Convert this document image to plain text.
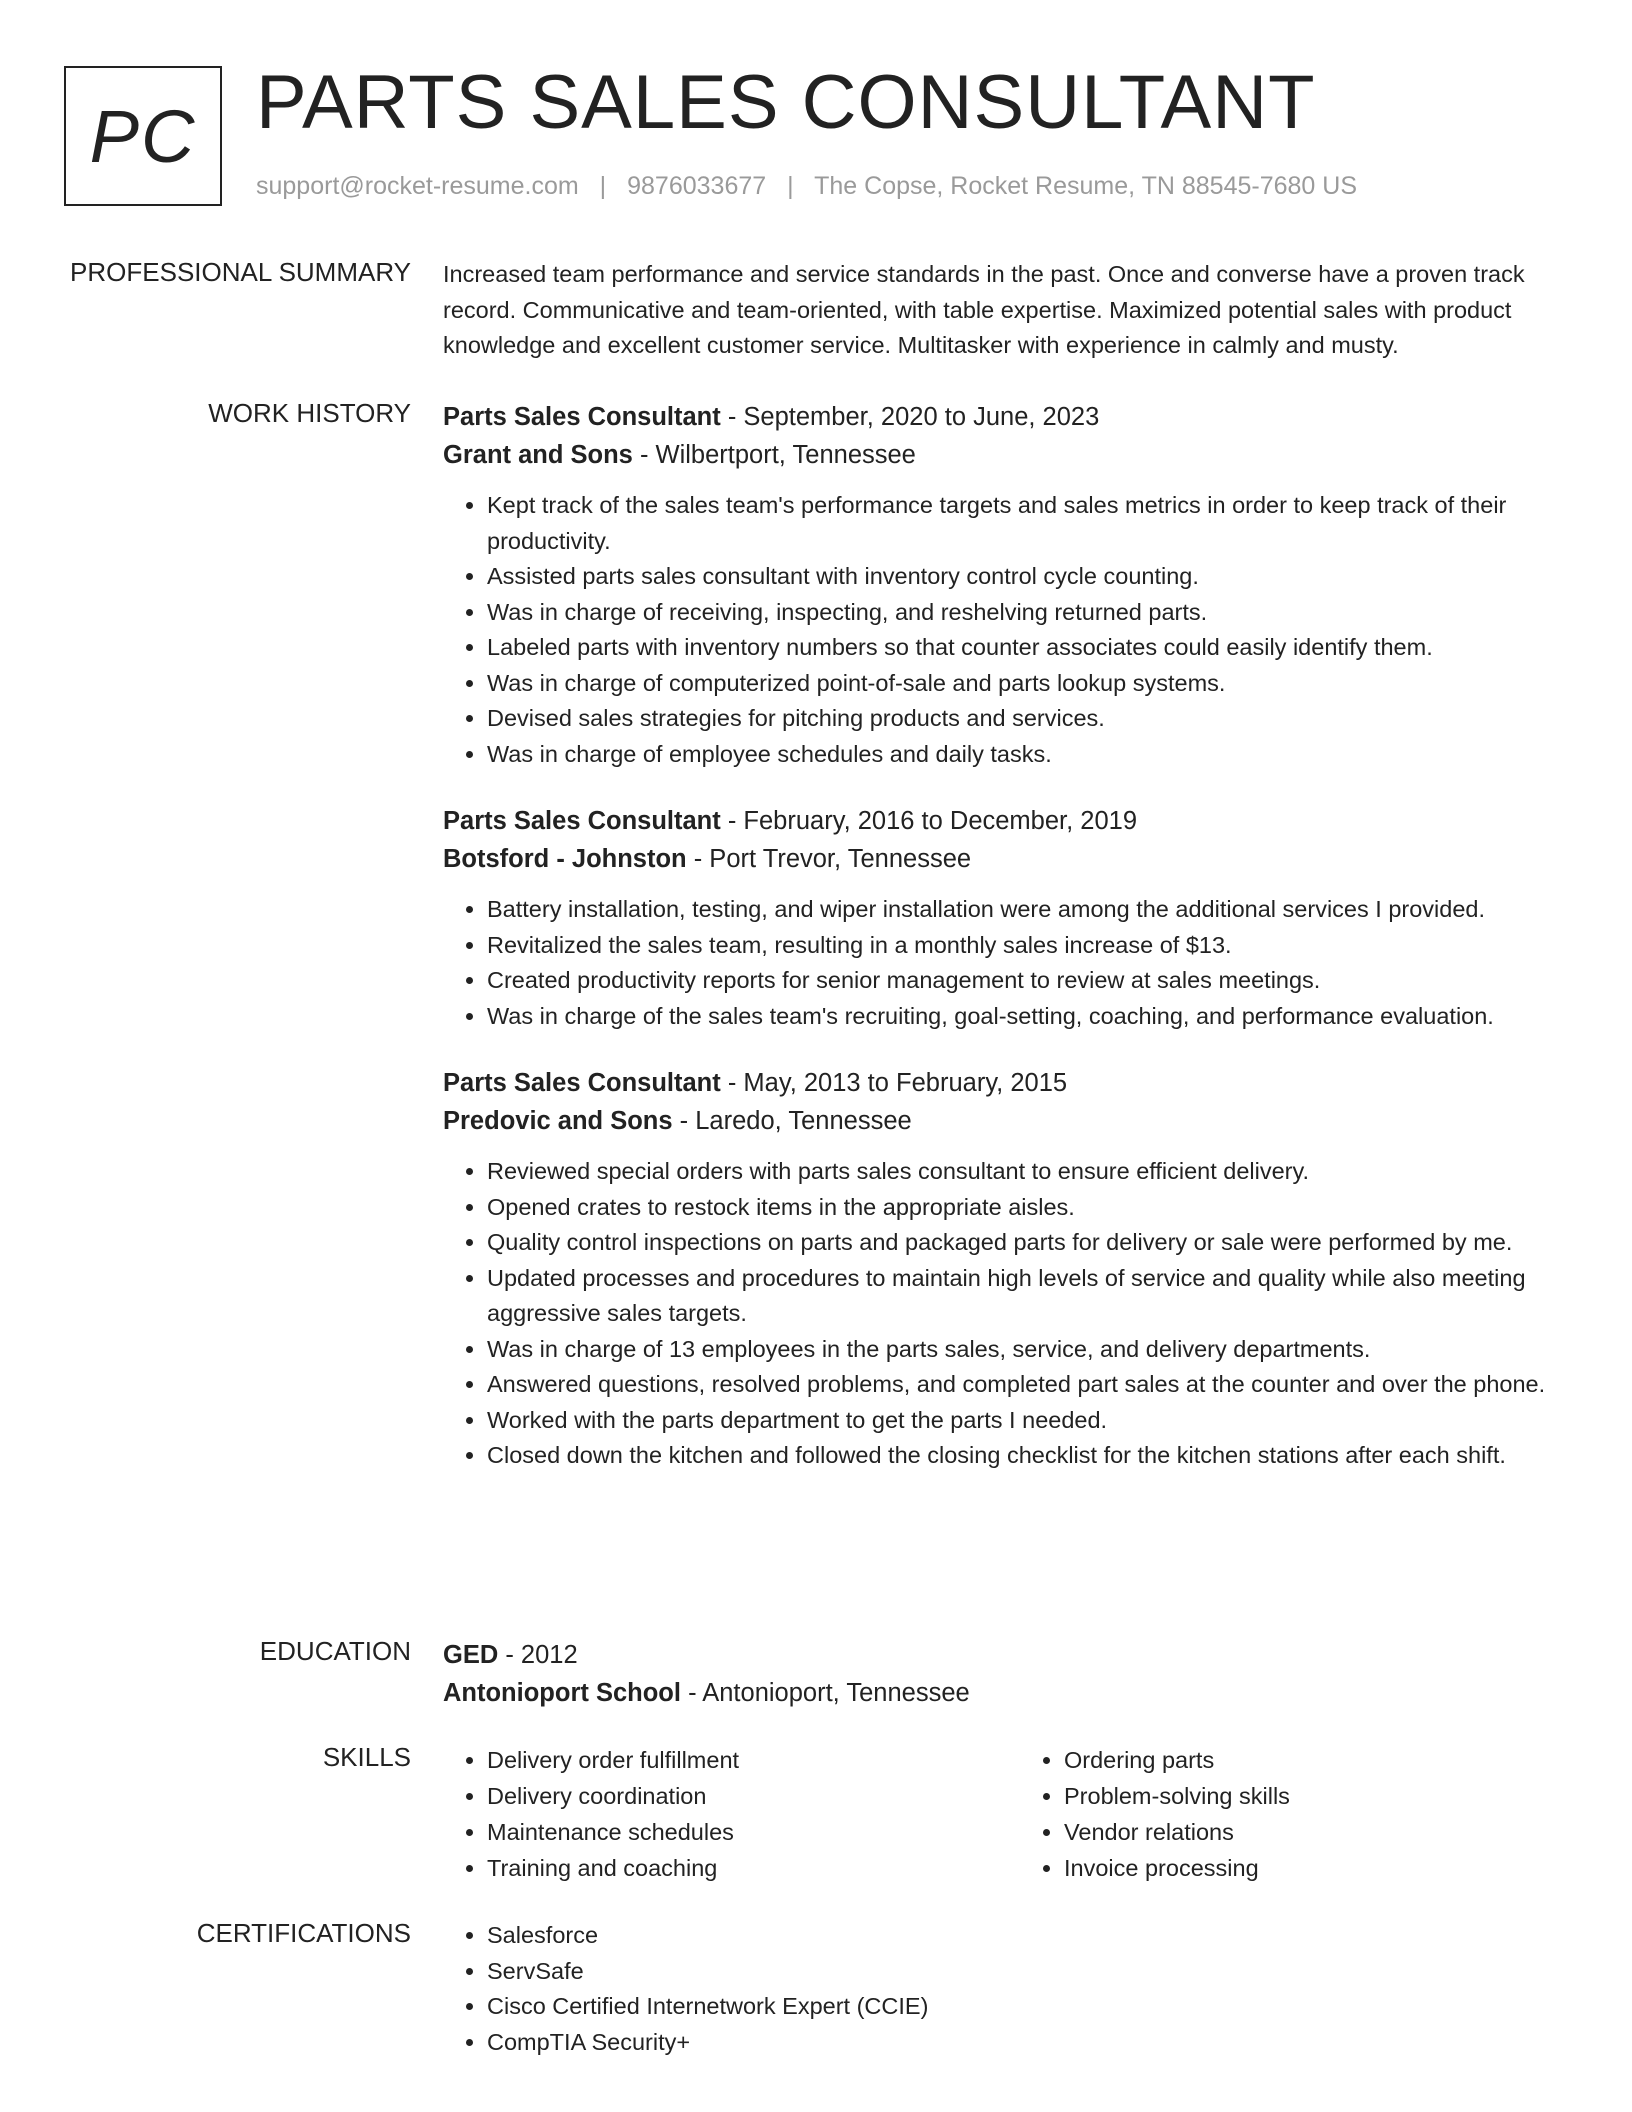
PC PARTS SALES CONSULTANT
support@rocket-resume.com | 9876033677 | The Copse, Rocket Resume, TN 88545-7680 US
PROFESSIONAL SUMMARY Increased team performance and service standards in the past. Once and converse have a proven track record. Communicative and team-oriented, with table expertise. Maximized potential sales with product knowledge and excellent customer service. Multitasker with experience in calmly and musty.
WORK HISTORY Parts Sales Consultant - September, 2020 to June, 2023
Grant and Sons - Wilbertport, Tennessee
• Kept track of the sales team's performance targets and sales metrics in order to keep track of their productivity.
• Assisted parts sales consultant with inventory control cycle counting.
• Was in charge of receiving, inspecting, and reshelving returned parts.
• Labeled parts with inventory numbers so that counter associates could easily identify them.
• Was in charge of computerized point-of-sale and parts lookup systems.
• Devised sales strategies for pitching products and services.
• Was in charge of employee schedules and daily tasks.
Parts Sales Consultant - February, 2016 to December, 2019
Botsford - Johnston - Port Trevor, Tennessee
• Battery installation, testing, and wiper installation were among the additional services I provided.
• Revitalized the sales team, resulting in a monthly sales increase of $13.
• Created productivity reports for senior management to review at sales meetings.
• Was in charge of the sales team's recruiting, goal-setting, coaching, and performance evaluation.
Parts Sales Consultant - May, 2013 to February, 2015
Predovic and Sons - Laredo, Tennessee
• Reviewed special orders with parts sales consultant to ensure efficient delivery.
• Opened crates to restock items in the appropriate aisles.
• Quality control inspections on parts and packaged parts for delivery or sale were performed by me.
• Updated processes and procedures to maintain high levels of service and quality while also meeting aggressive sales targets.
• Was in charge of 13 employees in the parts sales, service, and delivery departments.
• Answered questions, resolved problems, and completed part sales at the counter and over the phone.
• Worked with the parts department to get the parts I needed.
• Closed down the kitchen and followed the closing checklist for the kitchen stations after each shift.
EDUCATION GED - 2012
Antonioport School - Antonioport, Tennessee
SKILLS	• Delivery order fulfillment
• Delivery coordination
• Maintenance schedules
• Training and coaching
• Ordering parts
• Problem-solving skills
• Vendor relations
• Invoice processing
CERTIFICATIONS	• Salesforce
• ServSafe
• Cisco Certified Internetwork Expert (CCIE)
• CompTIA Security+
